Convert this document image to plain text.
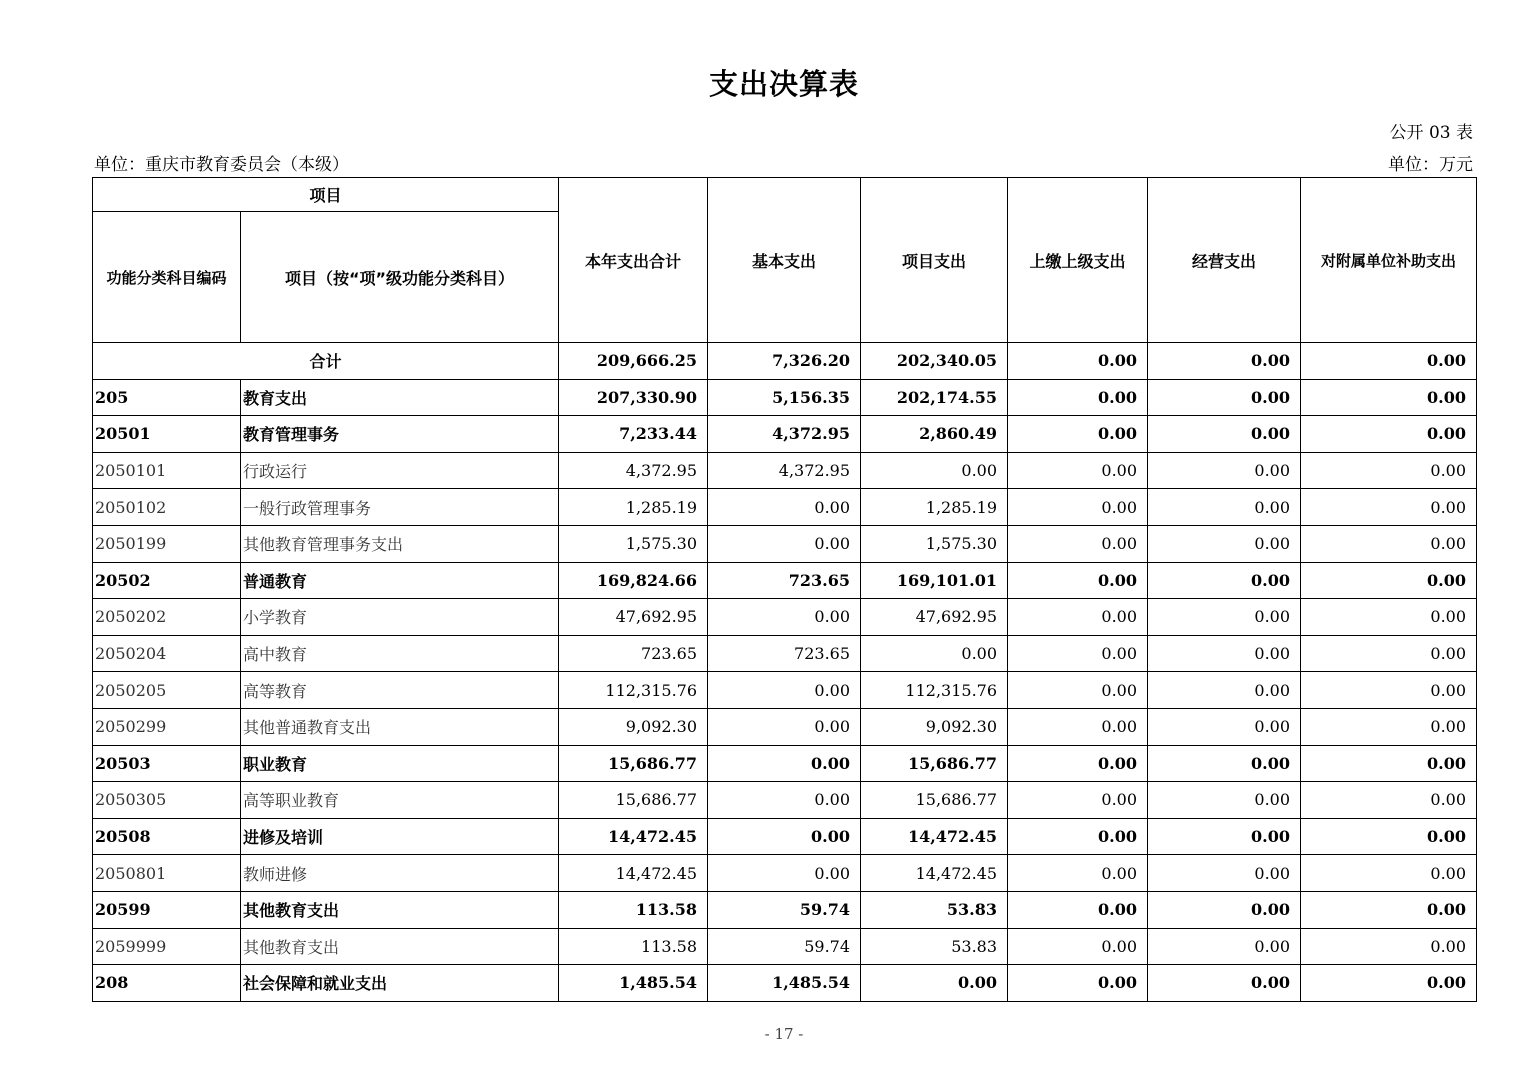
支出决算表
公开 03 表
单位：重庆市教育委员会（本级）	单位：万元
项目		本年支出合计	基本支出	项目支出	上缴上级支出	经营支出	对附属单位补助支出
功能分类科目编码	项目（按“项”级功能分类科目）						
合计		209,666.25	7,326.20	202,340.05	0.00	0.00	0.00
205	教育支出	207,330.90	5,156.35	202,174.55	0.00	0.00	0.00
20501	教育管理事务	7,233.44	4,372.95	2,860.49	0.00	0.00	0.00
2050101	行政运行	4,372.95	4,372.95	0.00	0.00	0.00	0.00
2050102	一般行政管理事务	1,285.19	0.00	1,285.19	0.00	0.00	0.00
2050199	其他教育管理事务支出	1,575.30	0.00	1,575.30	0.00	0.00	0.00
20502	普通教育	169,824.66	723.65	169,101.01	0.00	0.00	0.00
2050202	小学教育	47,692.95	0.00	47,692.95	0.00	0.00	0.00
2050204	高中教育	723.65	723.65	0.00	0.00	0.00	0.00
2050205	高等教育	112,315.76	0.00	112,315.76	0.00	0.00	0.00
2050299	其他普通教育支出	9,092.30	0.00	9,092.30	0.00	0.00	0.00
20503	职业教育	15,686.77	0.00	15,686.77	0.00	0.00	0.00
2050305	高等职业教育	15,686.77	0.00	15,686.77	0.00	0.00	0.00
20508	进修及培训	14,472.45	0.00	14,472.45	0.00	0.00	0.00
2050801	教师进修	14,472.45	0.00	14,472.45	0.00	0.00	0.00
20599	其他教育支出	113.58	59.74	53.83	0.00	0.00	0.00
2059999	其他教育支出	113.58	59.74	53.83	0.00	0.00	0.00
208	社会保障和就业支出	1,485.54	1,485.54	0.00	0.00	0.00	0.00
- 17 -
